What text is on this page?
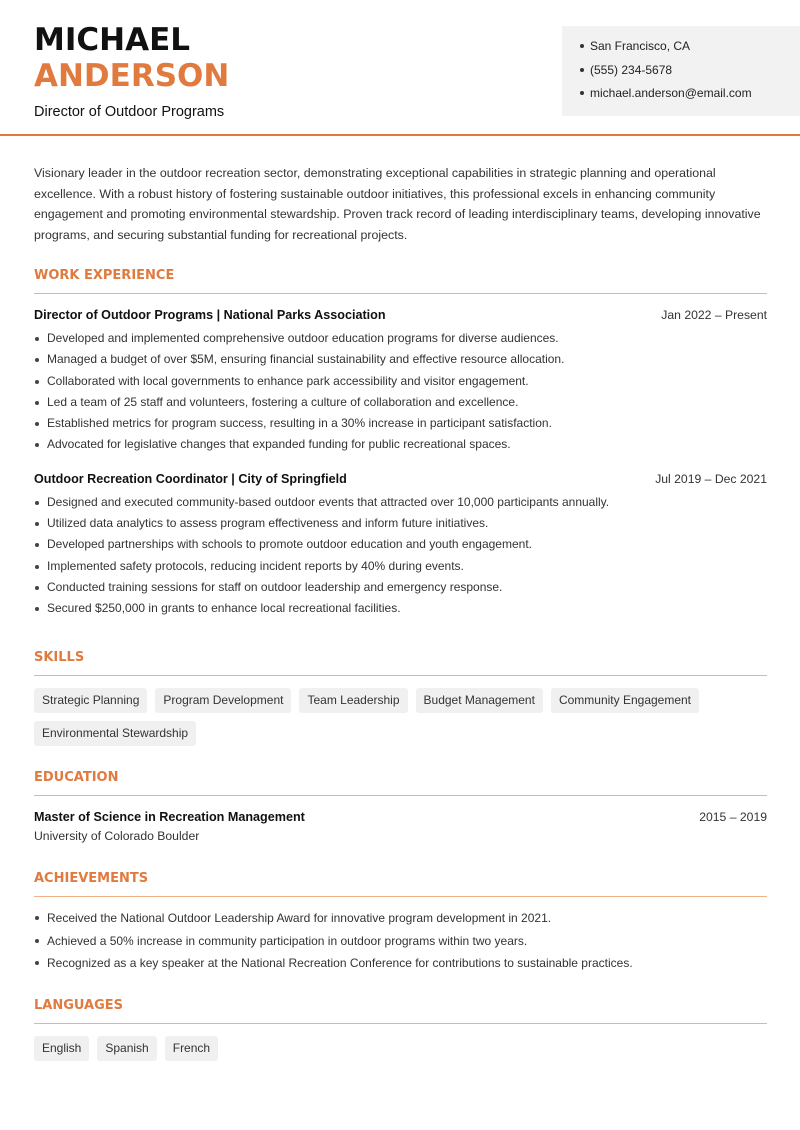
MICHAEL
ANDERSON
Director of Outdoor Programs
San Francisco, CA
(555) 234-5678
michael.anderson@email.com

Visionary leader in the outdoor recreation sector, demonstrating exceptional capabilities in strategic planning and operational excellence. With a robust history of fostering sustainable outdoor initiatives, this professional excels in enhancing community engagement and promoting environmental stewardship. Proven track record of leading interdisciplinary teams, developing innovative programs, and securing substantial funding for recreational projects.

WORK EXPERIENCE
Director of Outdoor Programs | National Parks Association	Jan 2022 – Present
Developed and implemented comprehensive outdoor education programs for diverse audiences.
Managed a budget of over $5M, ensuring financial sustainability and effective resource allocation.
Collaborated with local governments to enhance park accessibility and visitor engagement.
Led a team of 25 staff and volunteers, fostering a culture of collaboration and excellence.
Established metrics for program success, resulting in a 30% increase in participant satisfaction.
Advocated for legislative changes that expanded funding for public recreational spaces.
Outdoor Recreation Coordinator | City of Springfield	Jul 2019 – Dec 2021
Designed and executed community-based outdoor events that attracted over 10,000 participants annually.
Utilized data analytics to assess program effectiveness and inform future initiatives.
Developed partnerships with schools to promote outdoor education and youth engagement.
Implemented safety protocols, reducing incident reports by 40% during events.
Conducted training sessions for staff on outdoor leadership and emergency response.
Secured $250,000 in grants to enhance local recreational facilities.
SKILLS
Strategic Planning	Program Development	Team Leadership	Budget Management	Community Engagement
Environmental Stewardship
EDUCATION
Master of Science in Recreation Management	2015 – 2019
University of Colorado Boulder
ACHIEVEMENTS
Received the National Outdoor Leadership Award for innovative program development in 2021.
Achieved a 50% increase in community participation in outdoor programs within two years.
Recognized as a key speaker at the National Recreation Conference for contributions to sustainable practices.
LANGUAGES
English	Spanish	French
